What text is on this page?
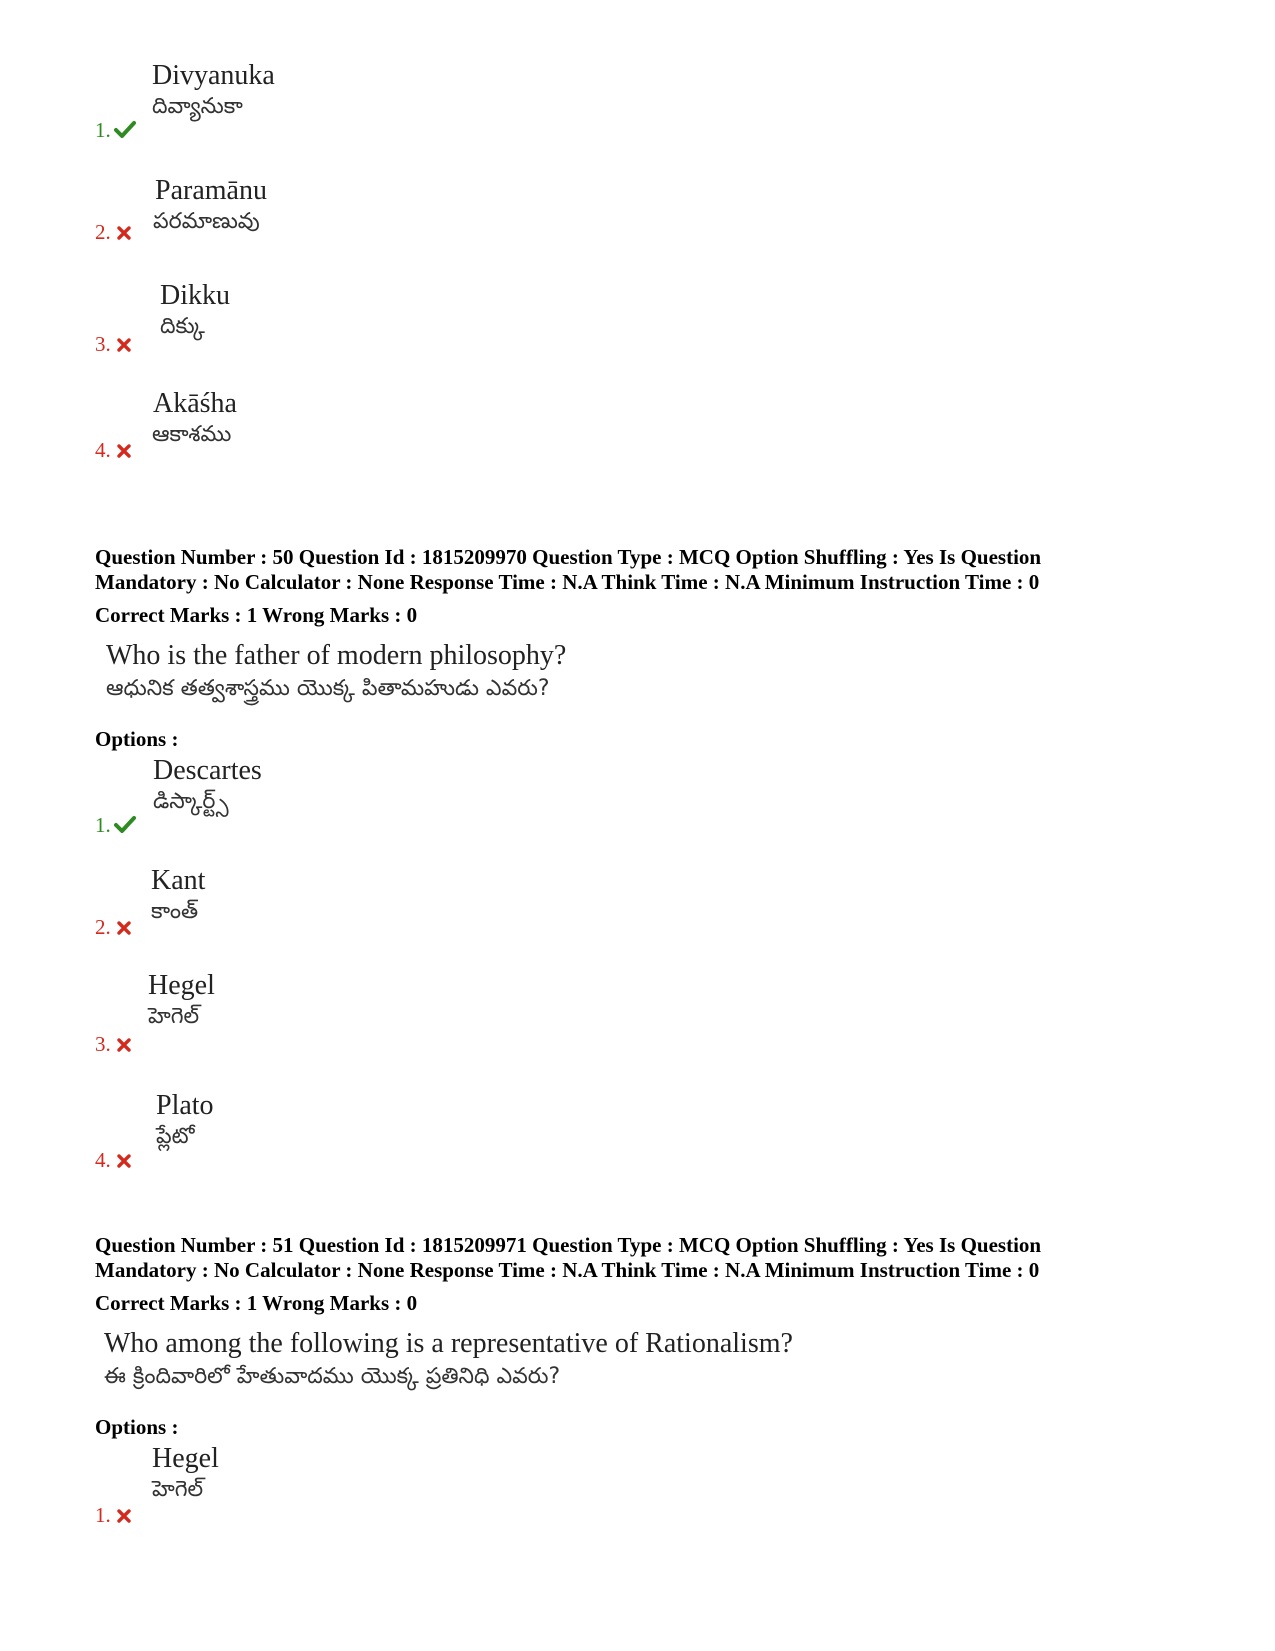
Divyanuka
దివ్యానుకా
1.
Paramānu
పరమాణువు
2.
Dikku
దిక్కు
3.
Akāśha
ఆకాశము
4.
Question Number : 50 Question Id : 1815209970 Question Type : MCQ Option Shuffling : Yes Is Question
Mandatory : No Calculator : None Response Time : N.A Think Time : N.A Minimum Instruction Time : 0
Correct Marks : 1 Wrong Marks : 0
Who is the father of modern philosophy?
ఆధునిక తత్వశాస్త్రము యొక్క పితామహుడు ఎవరు?
Options :
Descartes
డిస్కార్ట్స్
1.
Kant
కాంత్
2.
Hegel
హెగెల్
3.
Plato
ప్లేటో
4.
Question Number : 51 Question Id : 1815209971 Question Type : MCQ Option Shuffling : Yes Is Question
Mandatory : No Calculator : None Response Time : N.A Think Time : N.A Minimum Instruction Time : 0
Correct Marks : 1 Wrong Marks : 0
Who among the following is a representative of Rationalism?
ఈ క్రిందివారిలో హేతువాదము యొక్క ప్రతినిధి ఎవరు?
Options :
Hegel
హెగెల్
1.
